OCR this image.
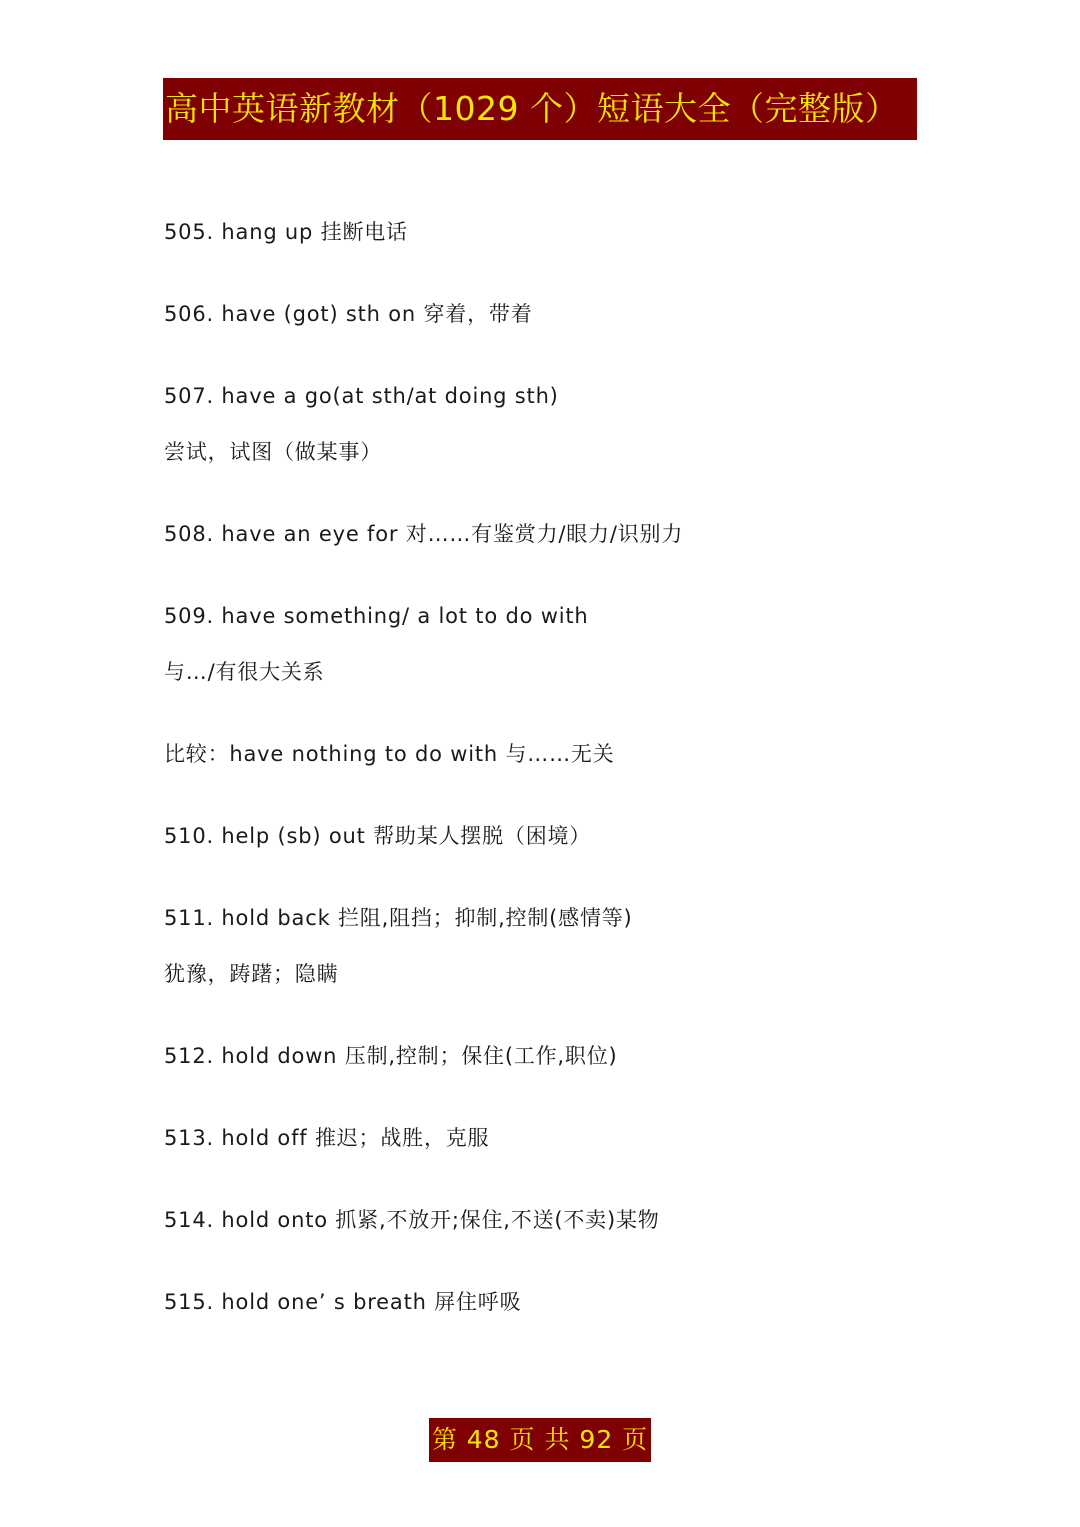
高中英语新教材（1029 个）短语大全（完整版）
505. hang up 挂断电话
506. have (got) sth on 穿着，带着
507. have a go(at sth/at doing sth)
尝试，试图（做某事）
508. have an eye for 对……有鉴赏力/眼力/识别力
509. have something/ a lot to do with
与…/有很大关系
比较：have nothing to do with 与……无关
510. help (sb) out 帮助某人摆脱（困境）
511. hold back 拦阻,阻挡；抑制,控制(感情等)
犹豫，踌躇；隐瞒
512. hold down 压制,控制；保住(工作,职位)
513. hold off 推迟；战胜，克服
514. hold onto 抓紧,不放开;保住,不送(不卖)某物
515. hold one’ s breath 屏住呼吸
第 48 页 共 92 页
